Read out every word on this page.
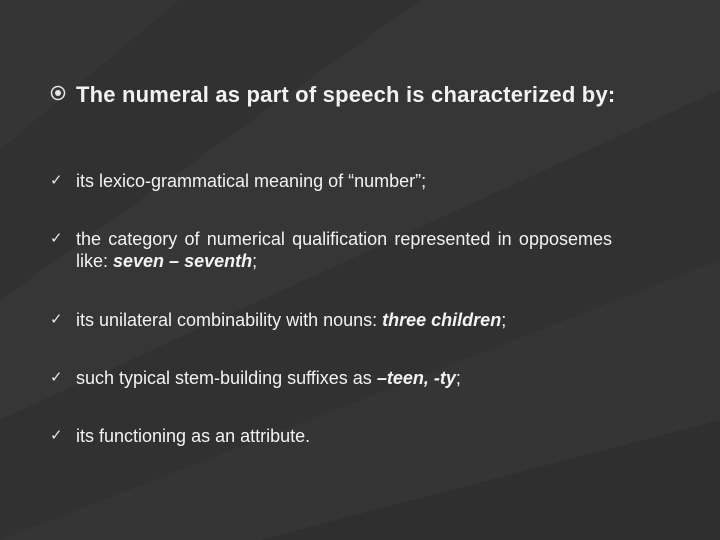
The numeral as part of speech is characterized by:
✓ its lexico-grammatical meaning of “number”;
✓ the category of numerical qualification represented in opposemes like: seven – seventh;
✓ its unilateral combinability with nouns: three children;
✓ such typical stem-building suffixes as –teen, -ty;
✓ its functioning as an attribute.
